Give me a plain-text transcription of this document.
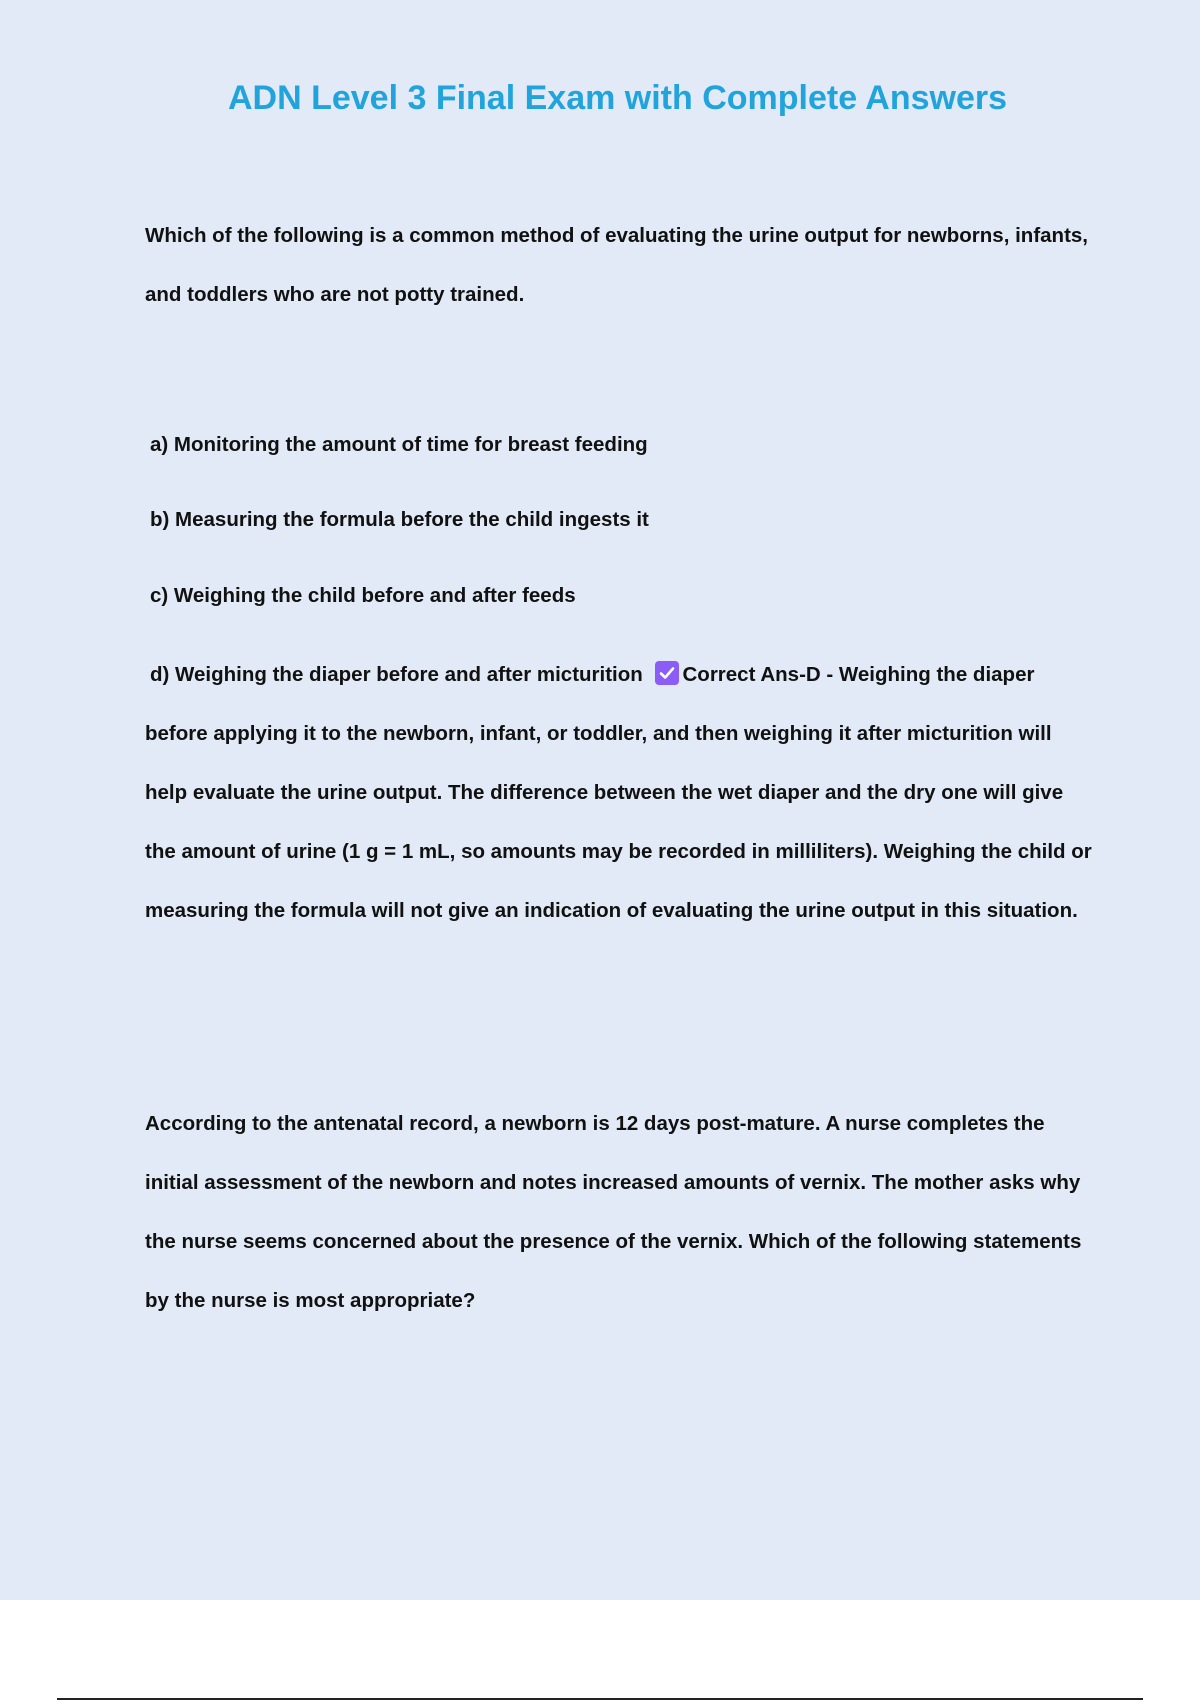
ADN Level 3 Final Exam with Complete Answers

Which of the following is a common method of evaluating the urine output for newborns, infants, and toddlers who are not potty trained.

a) Monitoring the amount of time for breast feeding

b) Measuring the formula before the child ingests it

c) Weighing the child before and after feeds

d) Weighing the diaper before and after micturition Correct Ans-D - Weighing the diaper before applying it to the newborn, infant, or toddler, and then weighing it after micturition will help evaluate the urine output. The difference between the wet diaper and the dry one will give the amount of urine (1 g = 1 mL, so amounts may be recorded in milliliters). Weighing the child or measuring the formula will not give an indication of evaluating the urine output in this situation.

According to the antenatal record, a newborn is 12 days post-mature. A nurse completes the initial assessment of the newborn and notes increased amounts of vernix. The mother asks why the nurse seems concerned about the presence of the vernix. Which of the following statements by the nurse is most appropriate?
